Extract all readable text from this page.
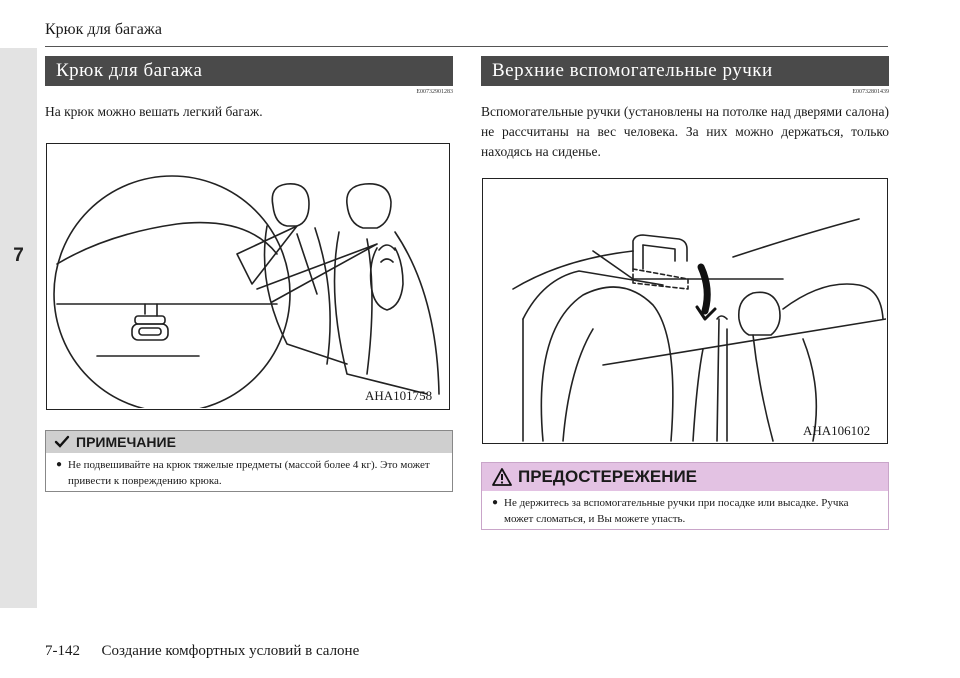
7
Крюк для багажа
Крюк для багажа
E00732901283
На крюк можно вешать легкий багаж.
AHA101758
ПРИМЕЧАНИЕ
● Не подвешивайте на крюк тяжелые предметы (массой более 4 кг). Это может привести к повреждению крюка.
Верхние вспомогательные ручки
E00732801439
Вспомогательные ручки (установлены на потолке над дверями салона) не рассчитаны на вес человека. За них можно держаться, только находясь на сиденье.
AHA106102
ПРЕДОСТЕРЕЖЕНИЕ
● Не держитесь за вспомогательные ручки при посадке или высадке. Ручка может сломаться, и Вы можете упасть.
7-142 Создание комфортных условий в салоне
